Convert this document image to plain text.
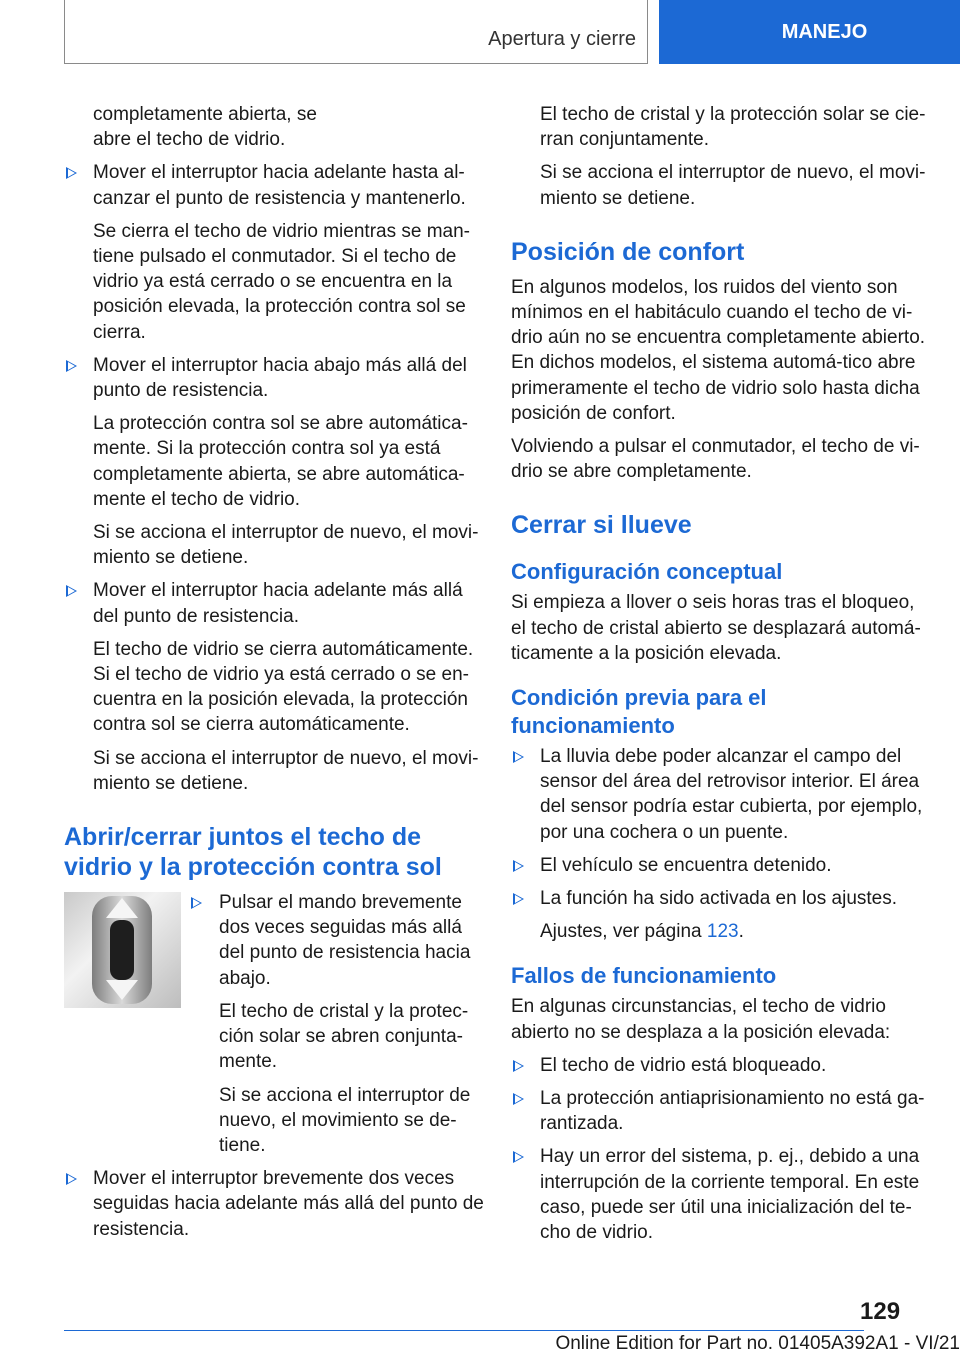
Apertura y cierre	MANEJO

completamente abierta, se

abre el techo de vidrio.

Mover el interruptor hacia adelante hasta al-canzar el punto de resistencia y mantenerlo.

Se cierra el techo de vidrio mientras se man-tiene pulsado el conmutador. Si el techo de vidrio ya está cerrado o se encuentra en la posición elevada, la protección contra sol se cierra.

Mover el interruptor hacia abajo más allá del punto de resistencia.

La protección contra sol se abre automática-mente. Si la protección contra sol ya está completamente abierta, se abre automática-mente el techo de vidrio.

Si se acciona el interruptor de nuevo, el movi-miento se detiene.

Mover el interruptor hacia adelante más allá del punto de resistencia.

El techo de vidrio se cierra automáticamente. Si el techo de vidrio ya está cerrado o se en-cuentra en la posición elevada, la protección contra sol se cierra automáticamente.

Si se acciona el interruptor de nuevo, el movi-miento se detiene.

Abrir/cerrar juntos el techo de vidrio y la protección contra sol
Pulsar el mando brevemente dos veces seguidas más allá del punto de resistencia hacia abajo.

El techo de cristal y la protec-ción solar se abren conjunta-mente.

Si se acciona el interruptor de nuevo, el movimiento se de-tiene.

Mover el interruptor brevemente dos veces seguidas hacia adelante más allá del punto de resistencia.

El techo de cristal y la protección solar se cie-rran conjuntamente.

Si se acciona el interruptor de nuevo, el movi-miento se detiene.

Posición de confort

En algunos modelos, los ruidos del viento son mínimos en el habitáculo cuando el techo de vi-drio aún no se encuentra completamente abierto. En dichos modelos, el sistema automá-tico abre primeramente el techo de vidrio solo hasta dicha posición de confort.

Volviendo a pulsar el conmutador, el techo de vi-drio se abre completamente.

Cerrar si llueve
Configuración conceptual

Si empieza a llover o seis horas tras el bloqueo, el techo de cristal abierto se desplazará automá-ticamente a la posición elevada.

Condición previa para el funcionamiento
La lluvia debe poder alcanzar el campo del sensor del área del retrovisor interior. El área del sensor podría estar cubierta, por ejemplo, por una cochera o un puente.
El vehículo se encuentra detenido.
La función ha sido activada en los ajustes.

Ajustes, ver página 123.

Fallos de funcionamiento

En algunas circunstancias, el techo de vidrio abierto no se desplaza a la posición elevada:

El techo de vidrio está bloqueado.
La protección antiaprisionamiento no está ga-rantizada.
Hay un error del sistema, p. ej., debido a una interrupción de la corriente temporal. En este caso, puede ser útil una inicialización del te-cho de vidrio.
129
Online Edition for Part no. 01405A392A1 - VI/21
